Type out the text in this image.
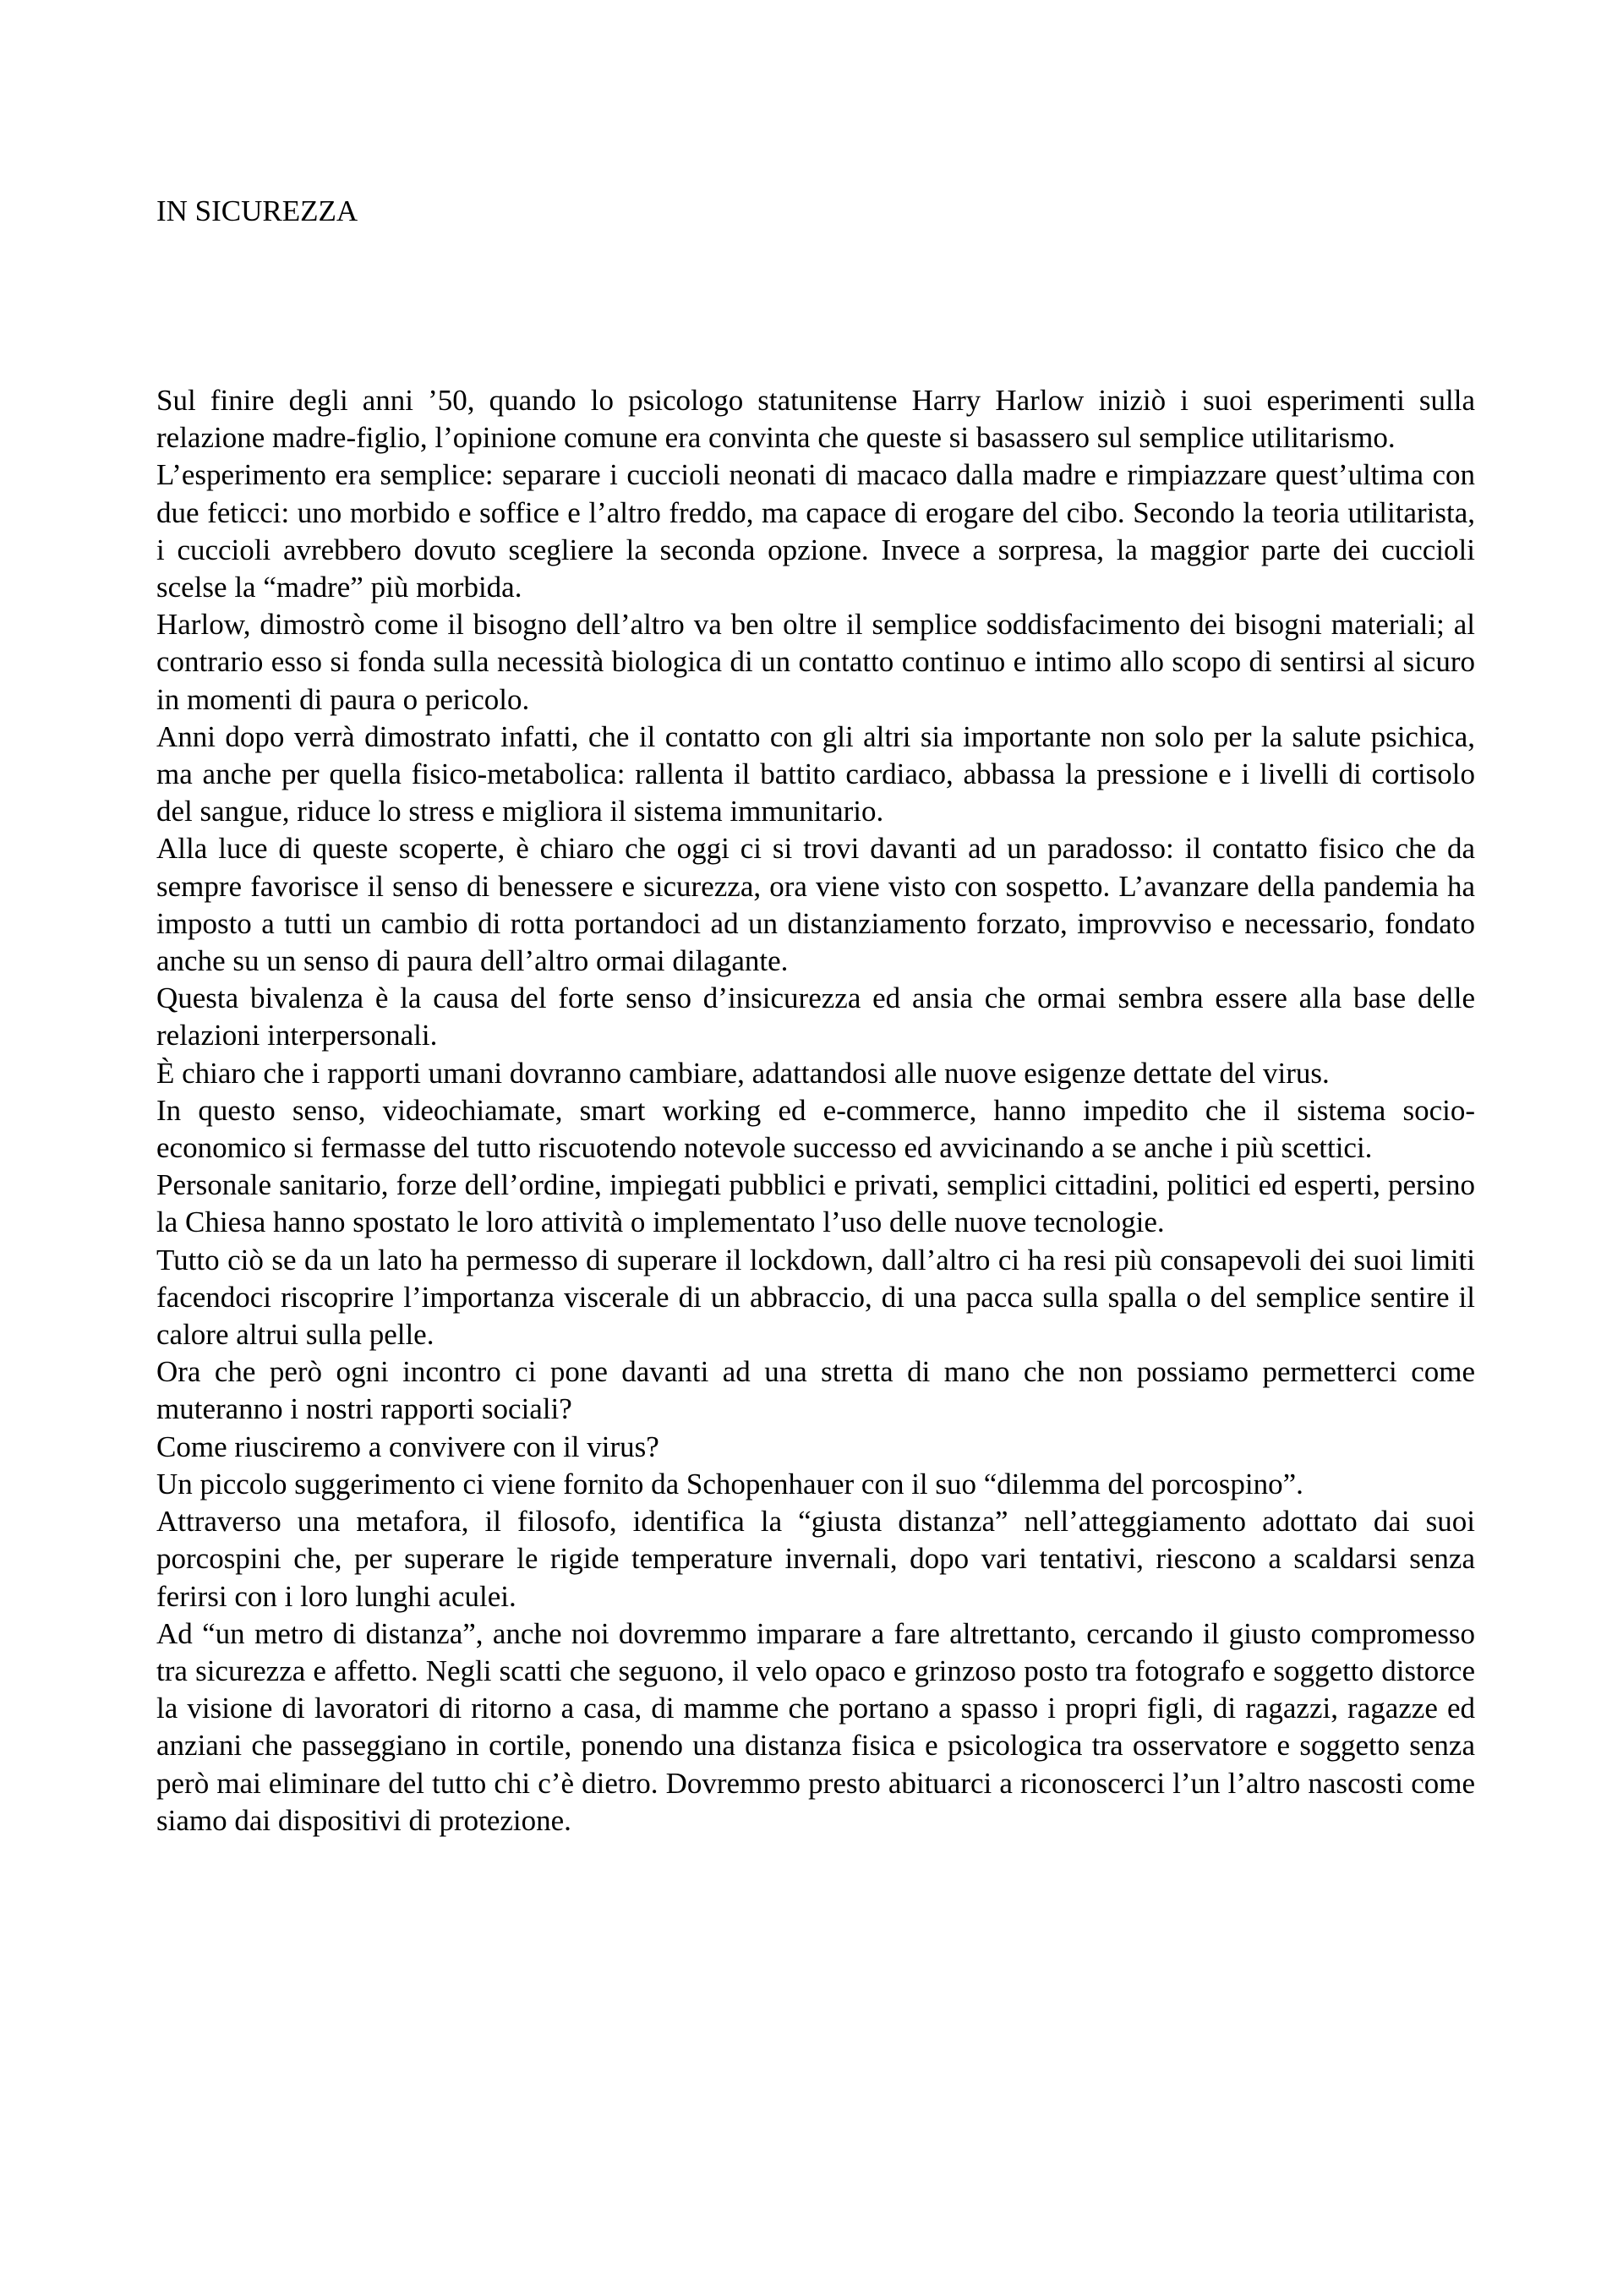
IN SICUREZZA

Sul finire degli anni ’50, quando lo psicologo statunitense Harry Harlow iniziò i suoi esperimenti sulla relazione madre-figlio, l’opinione comune era convinta che queste si basassero sul semplice utilitarismo.

L’esperimento era semplice: separare i cuccioli neonati di macaco dalla madre e rimpiazzare quest’ultima con due feticci: uno morbido e soffice e l’altro freddo, ma capace di erogare del cibo. Secondo la teoria utilitarista, i cuccioli avrebbero dovuto scegliere la seconda opzione. Invece a sorpresa, la maggior parte dei cuccioli scelse la “madre” più morbida.

Harlow, dimostrò come il bisogno dell’altro va ben oltre il semplice soddisfacimento dei bisogni materiali; al contrario esso si fonda sulla necessità biologica di un contatto continuo e intimo allo scopo di sentirsi al sicuro in momenti di paura o pericolo.

Anni dopo verrà dimostrato infatti, che il contatto con gli altri sia importante non solo per la salute psichica, ma anche per quella fisico-metabolica: rallenta il battito cardiaco, abbassa la pressione e i livelli di cortisolo del sangue, riduce lo stress e migliora il sistema immunitario.

Alla luce di queste scoperte, è chiaro che oggi ci si trovi davanti ad un paradosso: il contatto fisico che da sempre favorisce il senso di benessere e sicurezza, ora viene visto con sospetto. L’avanzare della pandemia ha imposto a tutti un cambio di rotta portandoci ad un distanziamento forzato, improvviso e necessario, fondato anche su un senso di paura dell’altro ormai dilagante.

Questa bivalenza è la causa del forte senso d’insicurezza ed ansia che ormai sembra essere alla base delle relazioni interpersonali.

È chiaro che i rapporti umani dovranno cambiare, adattandosi alle nuove esigenze dettate del virus.

In questo senso, videochiamate, smart working ed e-commerce, hanno impedito che il sistema socio-economico si fermasse del tutto riscuotendo notevole successo ed avvicinando a se anche i più scettici.

Personale sanitario, forze dell’ordine, impiegati pubblici e privati, semplici cittadini, politici ed esperti, persino la Chiesa hanno spostato le loro attività o implementato l’uso delle nuove tecnologie.

Tutto ciò se da un lato ha permesso di superare il lockdown, dall’altro ci ha resi più consapevoli dei suoi limiti facendoci riscoprire l’importanza viscerale di un abbraccio, di una pacca sulla spalla o del semplice sentire il calore altrui sulla pelle.

Ora che però ogni incontro ci pone davanti ad una stretta di mano che non possiamo permetterci come muteranno i nostri rapporti sociali?

Come riusciremo a convivere con il virus?

Un piccolo suggerimento ci viene fornito da Schopenhauer con il suo “dilemma del porcospino”.

Attraverso una metafora, il filosofo, identifica la “giusta distanza” nell’atteggiamento adottato dai suoi porcospini che, per superare le rigide temperature invernali, dopo vari tentativi, riescono a scaldarsi senza ferirsi con i loro lunghi aculei.

Ad “un metro di distanza”, anche noi dovremmo imparare a fare altrettanto, cercando il giusto compromesso tra sicurezza e affetto. Negli scatti che seguono, il velo opaco e grinzoso posto tra fotografo e soggetto distorce la visione di lavoratori di ritorno a casa, di mamme che portano a spasso i propri figli, di ragazzi, ragazze ed anziani che passeggiano in cortile, ponendo una distanza fisica e psicologica tra osservatore e soggetto senza però mai eliminare del tutto chi c’è dietro. Dovremmo presto abituarci a riconoscerci l’un l’altro nascosti come siamo dai dispositivi di protezione.
